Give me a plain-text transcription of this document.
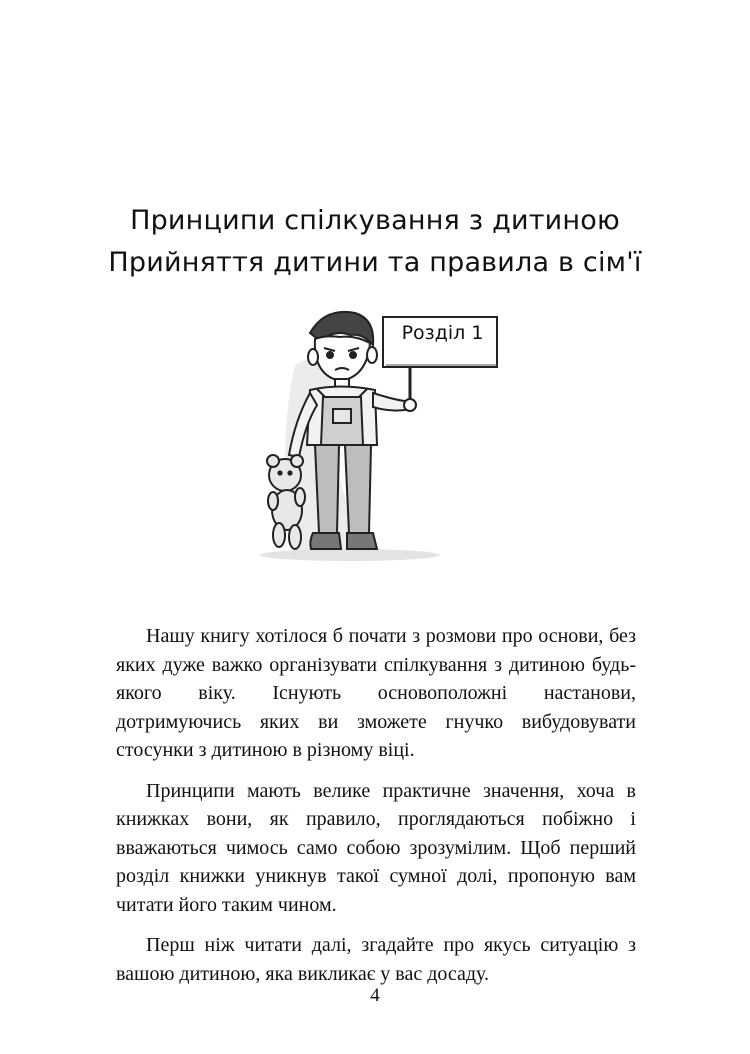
Принципи спілкування з дитиною
Прийняття дитини та правила в сім'ї
Розділ 1

Нашу книгу хотілося б почати з розмови про основи, без яких дуже важко організувати спілкування з дитиною будь-якого віку. Існують основоположні настанови, дотримуючись яких ви зможете гнучко вибудовувати стосунки з дитиною в різному віці.

Принципи мають велике практичне значення, хоча в книжках вони, як правило, проглядаються побіжно і вважаються чимось само собою зрозумілим. Щоб перший розділ книжки уникнув такої сумної долі, пропоную вам читати його таким чином.

Перш ніж читати далі, згадайте про якусь ситуацію з вашою дитиною, яка викликає у вас досаду.

4
